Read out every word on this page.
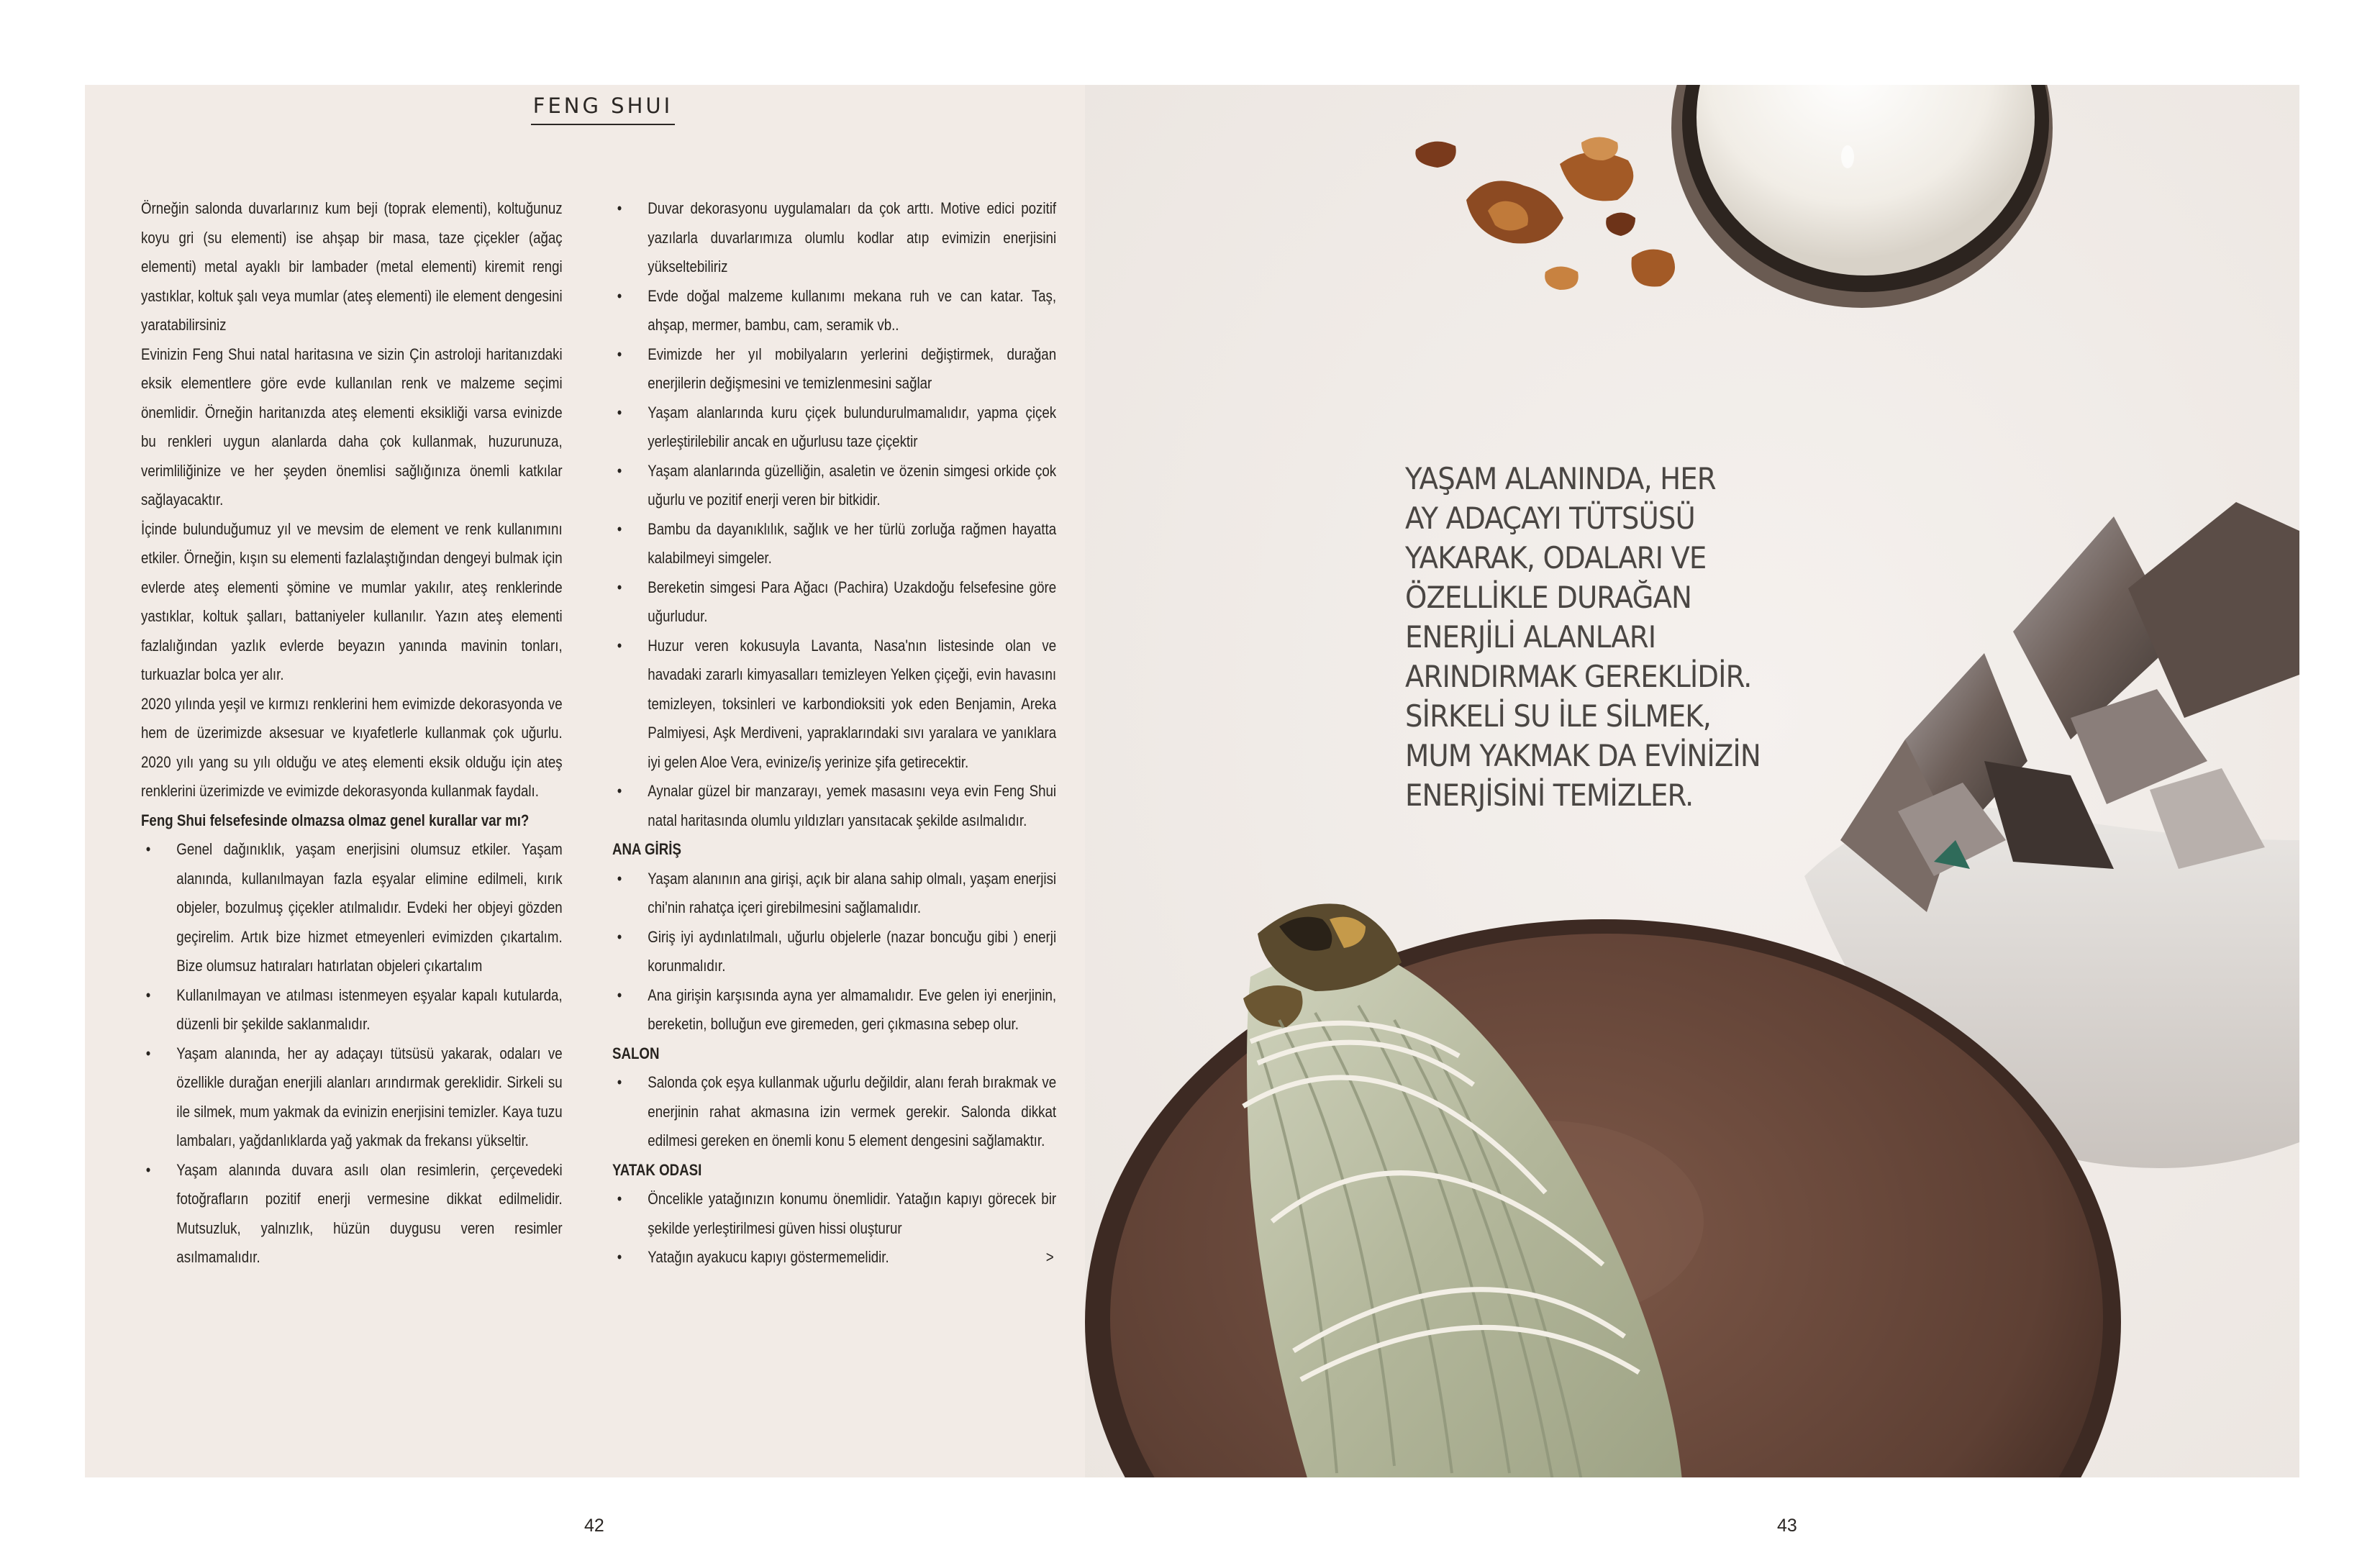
FENG SHUI

Örneğin salonda duvarlarınız kum beji (toprak elementi), koltuğunuz koyu gri (su elementi) ise ahşap bir masa, taze çiçekler (ağaç elementi) metal ayaklı bir lambader (metal elementi) kiremit rengi yastıklar, koltuk şalı veya mumlar (ateş elementi) ile element dengesini yaratabilirsiniz

Evinizin Feng Shui natal haritasına ve sizin Çin astroloji haritanızdaki eksik elementlere göre evde kullanılan renk ve malzeme seçimi önemlidir. Örneğin haritanızda ateş elementi eksikliği varsa evinizde bu renkleri uygun alanlarda daha çok kullanmak, huzurunuza, verimliliğinize ve her şeyden önemlisi sağlığınıza önemli katkılar sağlayacaktır.

İçinde bulunduğumuz yıl ve mevsim de element ve renk kullanımını etkiler. Örneğin, kışın su elementi fazlalaştığından dengeyi bulmak için evlerde ateş elementi şömine ve mumlar yakılır, ateş renklerinde yastıklar, koltuk şalları, battaniyeler kullanılır. Yazın ateş elementi fazlalığından yazlık evlerde beyazın yanında mavinin tonları, turkuazlar bolca yer alır.

2020 yılında yeşil ve kırmızı renklerini hem evimizde dekorasyonda ve hem de üzerimizde aksesuar ve kıyafetlerle kullanmak çok uğurlu. 2020 yılı yang su yılı olduğu ve ateş elementi eksik olduğu için ateş renklerini üzerimizde ve evimizde dekorasyonda kullanmak faydalı.

Feng Shui felsefesinde olmazsa olmaz genel kurallar var mı?

• Genel dağınıklık, yaşam enerjisini olumsuz etkiler. Yaşam alanında, kullanılmayan fazla eşyalar elimine edilmeli, kırık objeler, bozulmuş çiçekler atılmalıdır. Evdeki her objeyi gözden geçirelim. Artık bize hizmet etmeyenleri evimizden çıkartalım. Bize olumsuz hatıraları hatırlatan objeleri çıkartalım
• Kullanılmayan ve atılması istenmeyen eşyalar kapalı kutularda, düzenli bir şekilde saklanmalıdır.
• Yaşam alanında, her ay adaçayı tütsüsü yakarak, odaları ve özellikle durağan enerjili alanları arındırmak gereklidir. Sirkeli su ile silmek, mum yakmak da evinizin enerjisini temizler. Kaya tuzu lambaları, yağdanlıklarda yağ yakmak da frekansı yükseltir.
• Yaşam alanında duvara asılı olan resimlerin, çerçevedeki fotoğrafların pozitif enerji vermesine dikkat edilmelidir. Mutsuzluk, yalnızlık, hüzün duygusu veren resimler asılmamalıdır.
• Duvar dekorasyonu uygulamaları da çok arttı. Motive edici pozitif yazılarla duvarlarımıza olumlu kodlar atıp evimizin enerjisini yükseltebiliriz
• Evde doğal malzeme kullanımı mekana ruh ve can katar. Taş, ahşap, mermer, bambu, cam, seramik vb..
• Evimizde her yıl mobilyaların yerlerini değiştirmek, durağan enerjilerin değişmesini ve temizlenmesini sağlar
• Yaşam alanlarında kuru çiçek bulundurulmamalıdır, yapma çiçek yerleştirilebilir ancak en uğurlusu taze çiçektir
• Yaşam alanlarında güzelliğin, asaletin ve özenin simgesi orkide çok uğurlu ve pozitif enerji veren bir bitkidir.
• Bambu da dayanıklılık, sağlık ve her türlü zorluğa rağmen hayatta kalabilmeyi simgeler.
• Bereketin simgesi Para Ağacı (Pachira) Uzakdoğu felsefesine göre uğurludur.
• Huzur veren kokusuyla Lavanta, Nasa'nın listesinde olan ve havadaki zararlı kimyasalları temizleyen Yelken çiçeği, evin havasını temizleyen, toksinleri ve karbondioksiti yok eden Benjamin, Areka Palmiyesi, Aşk Merdiveni, yapraklarındaki sıvı yaralara ve yanıklara iyi gelen Aloe Vera, evinize/iş yerinize şifa getirecektir.
• Aynalar güzel bir manzarayı, yemek masasını veya evin Feng Shui natal haritasında olumlu yıldızları yansıtacak şekilde asılmalıdır.
ANA GİRİŞ
• Yaşam alanının ana girişi, açık bir alana sahip olmalı, yaşam enerjisi chi'nin rahatça içeri girebilmesini sağlamalıdır.
• Giriş iyi aydınlatılmalı, uğurlu objelerle (nazar boncuğu gibi ) enerji korunmalıdır.
• Ana girişin karşısında ayna yer almamalıdır. Eve gelen iyi enerjinin, bereketin, bolluğun eve giremeden, geri çıkmasına sebep olur.
SALON
• Salonda çok eşya kullanmak uğurlu değildir, alanı ferah bırakmak ve enerjinin rahat akmasına izin vermek gerekir. Salonda dikkat edilmesi gereken en önemli konu 5 element dengesini sağlamaktır.
YATAK ODASI
• Öncelikle yatağınızın konumu önemlidir. Yatağın kapıyı görecek bir şekilde yerleştirilmesi güven hissi oluşturur
• Yatağın ayakucu kapıyı göstermemelidir.	>
YAŞAM ALANINDA, HER
AY ADAÇAYI TÜTSÜSÜ
YAKARAK, ODALARI VE
ÖZELLİKLE DURAĞAN
ENERJİLİ ALANLARI
ARINDIRMAK GEREKLİDİR.
SİRKELİ SU İLE SİLMEK,
MUM YAKMAK DA EVİNİZİN
ENERJİSİNİ TEMİZLER.
42	43
